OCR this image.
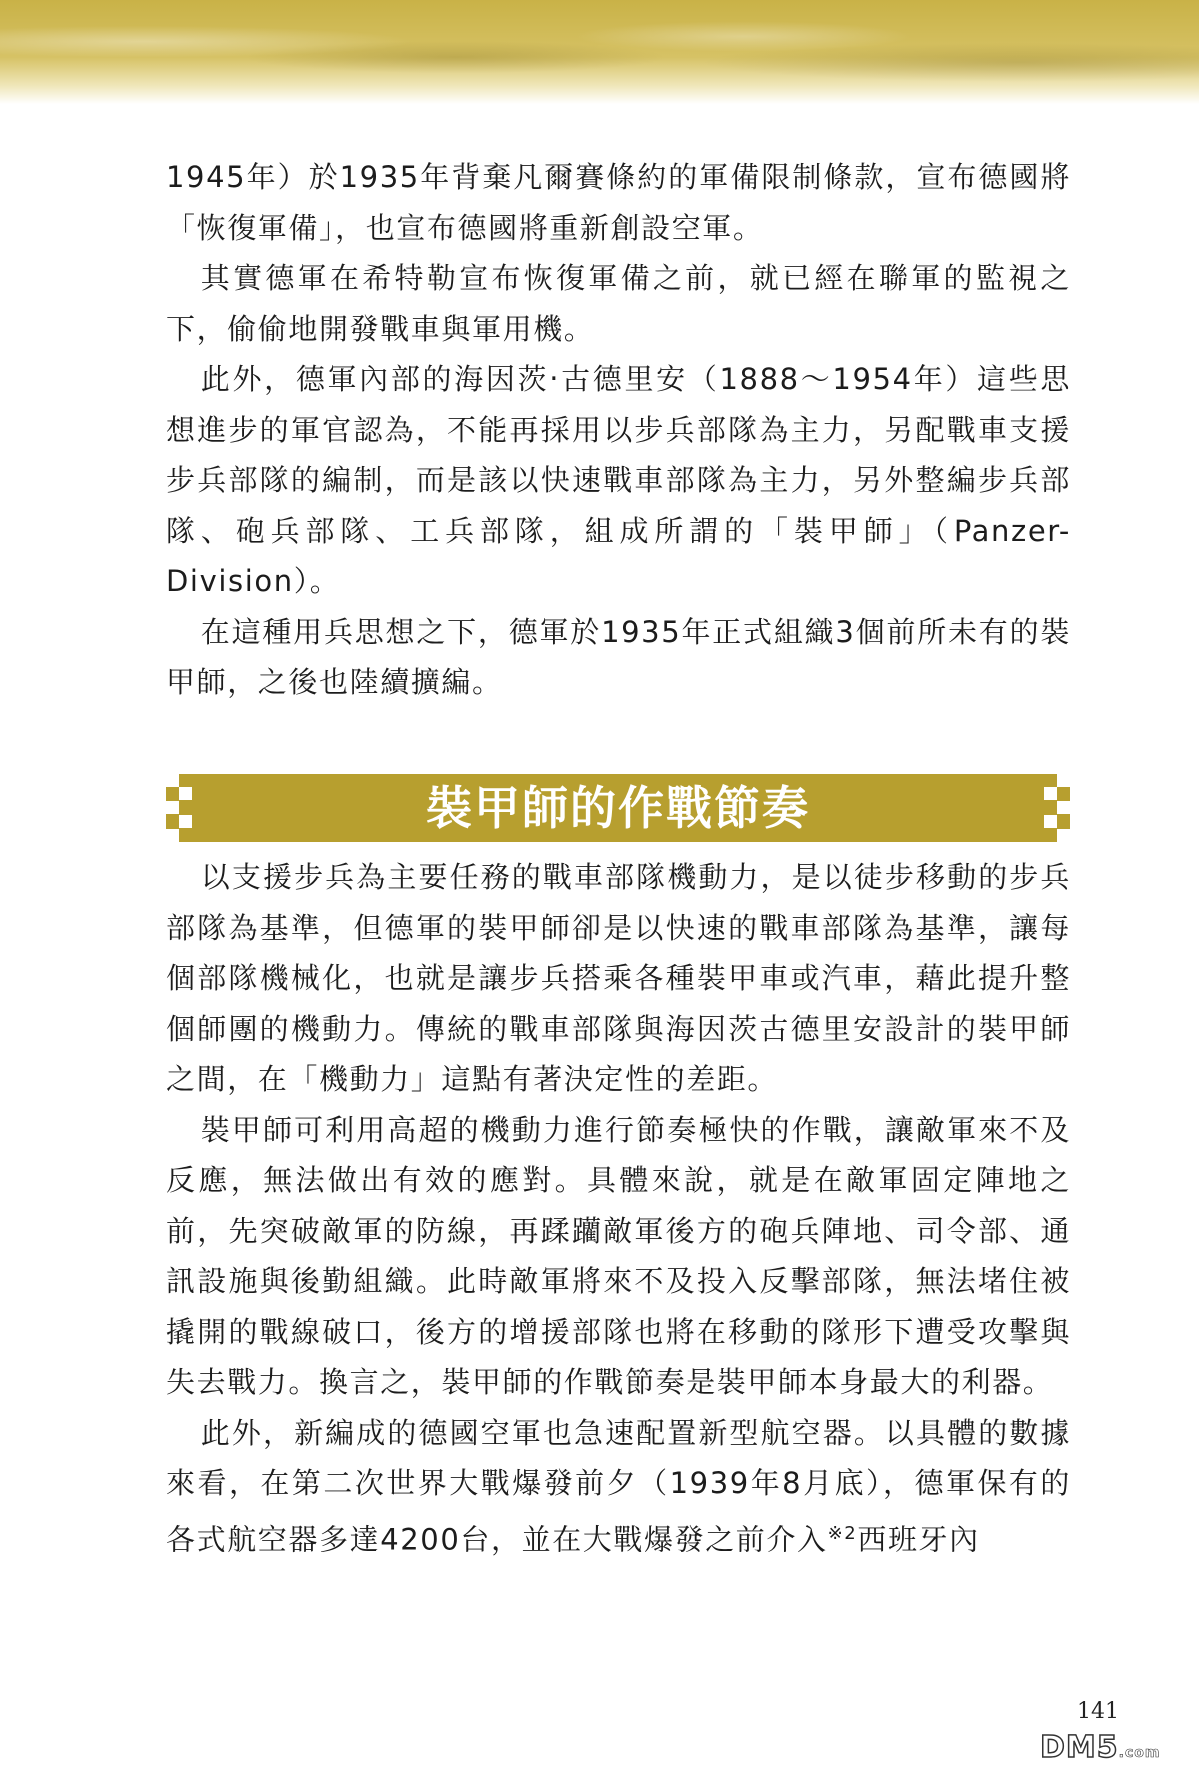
1945年）於1935年背棄凡爾賽條約的軍備限制條款，宣布德國將「恢復軍備」，也宣布德國將重新創設空軍。

其實德軍在希特勒宣布恢復軍備之前，就已經在聯軍的監視之下，偷偷地開發戰車與軍用機。

此外，德軍內部的海因茨‧古德里安（1888～1954年）這些思想進步的軍官認為，不能再採用以步兵部隊為主力，另配戰車支援步兵部隊的編制，而是該以快速戰車部隊為主力，另外整編步兵部隊、砲兵部隊、工兵部隊，組成所謂的「裝甲師」（Panzer-Division）。

在這種用兵思想之下，德軍於1935年正式組織3個前所未有的裝甲師，之後也陸續擴編。

裝甲師的作戰節奏

以支援步兵為主要任務的戰車部隊機動力，是以徒步移動的步兵部隊為基準，但德軍的裝甲師卻是以快速的戰車部隊為基準，讓每個部隊機械化，也就是讓步兵搭乘各種裝甲車或汽車，藉此提升整個師團的機動力。傳統的戰車部隊與海因茨古德里安設計的裝甲師之間，在「機動力」這點有著決定性的差距。

裝甲師可利用高超的機動力進行節奏極快的作戰，讓敵軍來不及反應，無法做出有效的應對。具體來說，就是在敵軍固定陣地之前，先突破敵軍的防線，再蹂躪敵軍後方的砲兵陣地、司令部、通訊設施與後勤組織。此時敵軍將來不及投入反擊部隊，無法堵住被撬開的戰線破口，後方的增援部隊也將在移動的隊形下遭受攻擊與失去戰力。換言之，裝甲師的作戰節奏是裝甲師本身最大的利器。

此外，新編成的德國空軍也急速配置新型航空器。以具體的數據來看，在第二次世界大戰爆發前夕（1939年8月底），德軍保有的各式航空器多達4200台，並在大戰爆發之前介入$^{※2}$西班牙內

141
DM5.com
